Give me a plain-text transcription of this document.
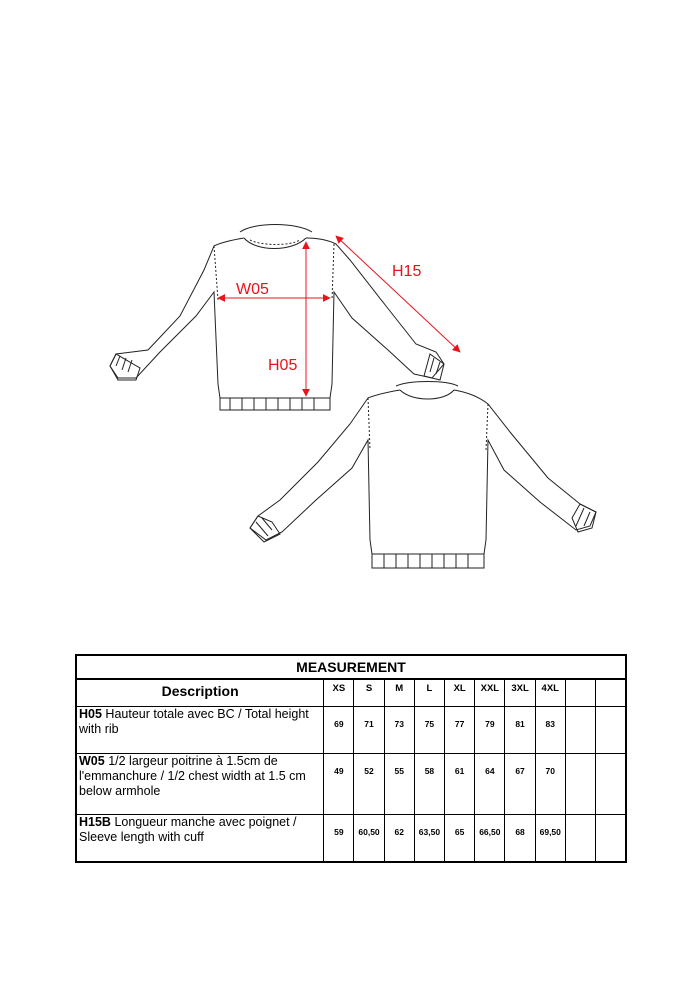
W05
H05
H15
MEASUREMENT										
Description	XS	S	M	L	XL	XXL	3XL	4XL		
H05 Hauteur totale avec BC / Total height with rib	69	71	73	75	77	79	81	83		
W05 1/2 largeur poitrine à 1.5cm de l'emmanchure / 1/2 chest width at 1.5 cm below armhole	49	52	55	58	61	64	67	70		
H15B Longueur manche avec poignet / Sleeve length with cuff	59	60,50	62	63,50	65	66,50	68	69,50		
